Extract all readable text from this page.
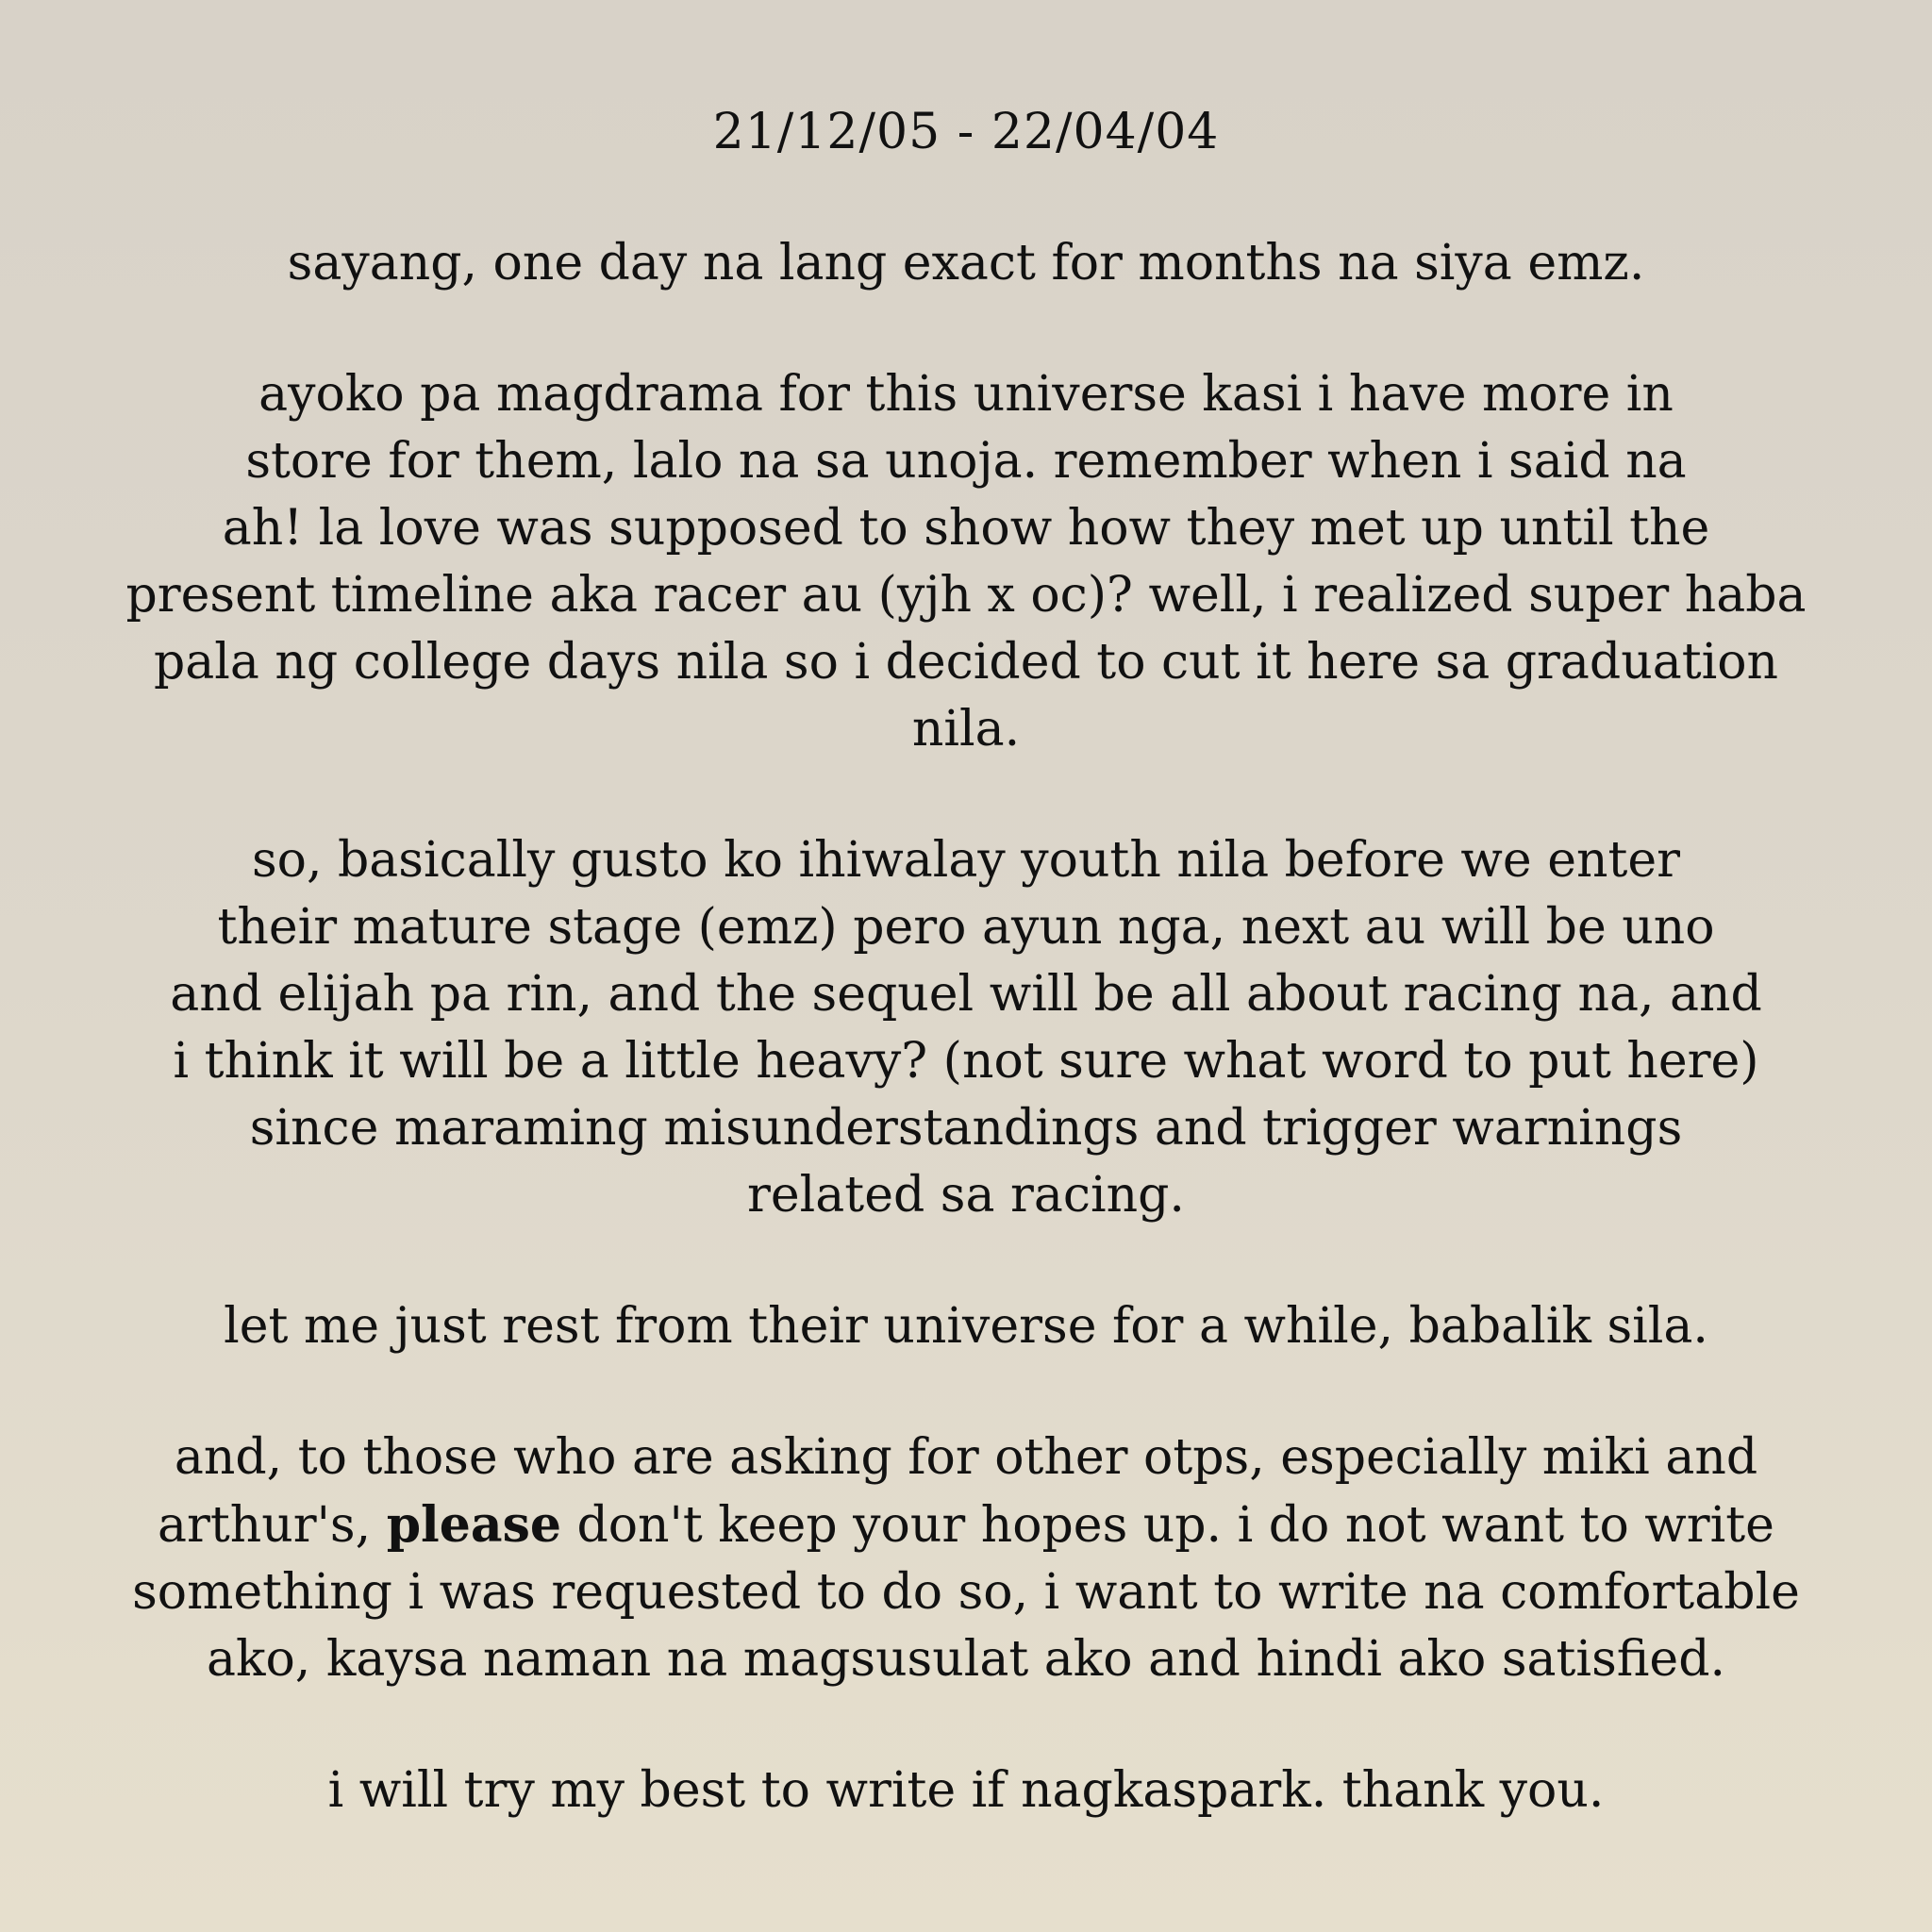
21/12/05 - 22/04/04
sayang, one day na lang exact for months na siya emz.
ayoko pa magdrama for this universe kasi i have more in
store for them, lalo na sa unoja. remember when i said na
ah! la love was supposed to show how they met up until the
present timeline aka racer au (yjh x oc)? well, i realized super haba
pala ng college days nila so i decided to cut it here sa graduation
nila.
so, basically gusto ko ihiwalay youth nila before we enter
their mature stage (emz) pero ayun nga, next au will be uno
and elijah pa rin, and the sequel will be all about racing na, and
i think it will be a little heavy? (not sure what word to put here)
since maraming misunderstandings and trigger warnings
related sa racing.
let me just rest from their universe for a while, babalik sila.
and, to those who are asking for other otps, especially miki and
arthur's, please don't keep your hopes up. i do not want to write
something i was requested to do so, i want to write na comfortable
ako, kaysa naman na magsusulat ako and hindi ako satisfied.
i will try my best to write if nagkaspark. thank you.
